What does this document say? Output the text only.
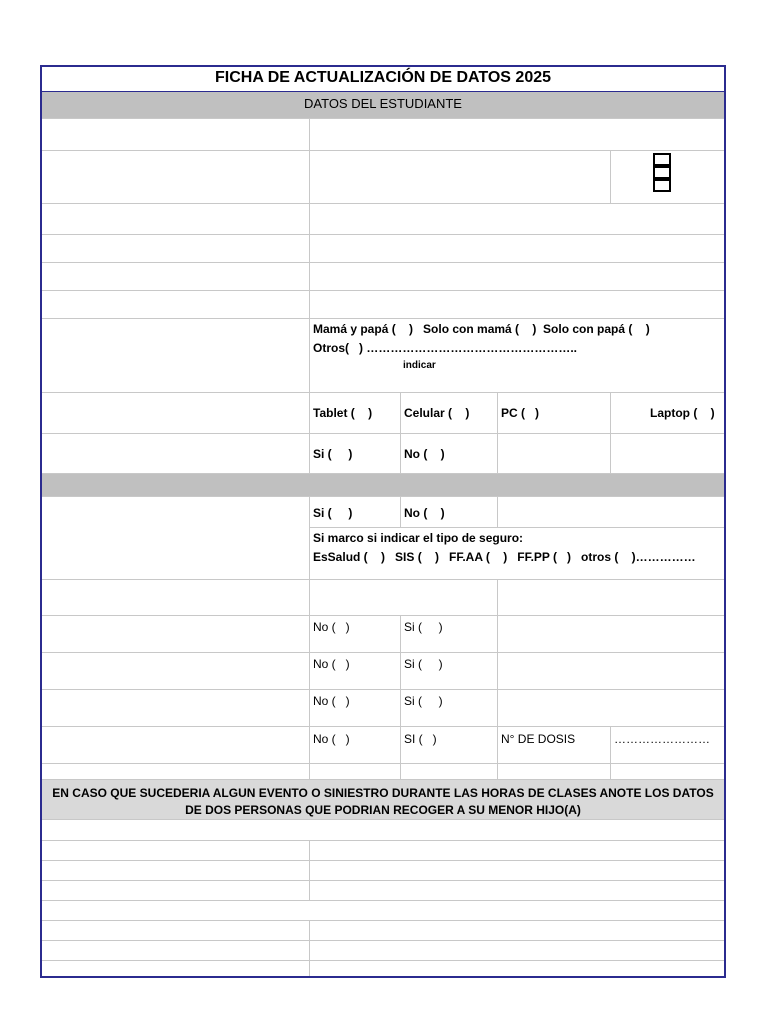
FICHA DE ACTUALIZACIÓN DE DATOS 2025
DATOS DEL ESTUDIANTE
Mamá y papá (    )   Solo con mamá (    )  Solo con papá (    )
Otros(   ) ……………………………………………..
indicar
Tablet (    )	Celular (    )	PC (   )	Laptop (    )
Si (     )	No (    )
Si (     )	No (    )
Si marco si indicar el tipo de seguro:
EsSalud (    )   SIS (    )   FF.AA (    )   FF.PP (   )   otros (    )……………
No (   )	Si (     )
No (   )	Si (     )
No (   )	Si (     )
No (   )	SI (   )	N° DE DOSIS	……………………
EN CASO QUE SUCEDERIA ALGUN EVENTO O SINIESTRO DURANTE LAS HORAS DE CLASES ANOTE LOS DATOS DE DOS PERSONAS QUE PODRIAN RECOGER A SU MENOR HIJO(A)
